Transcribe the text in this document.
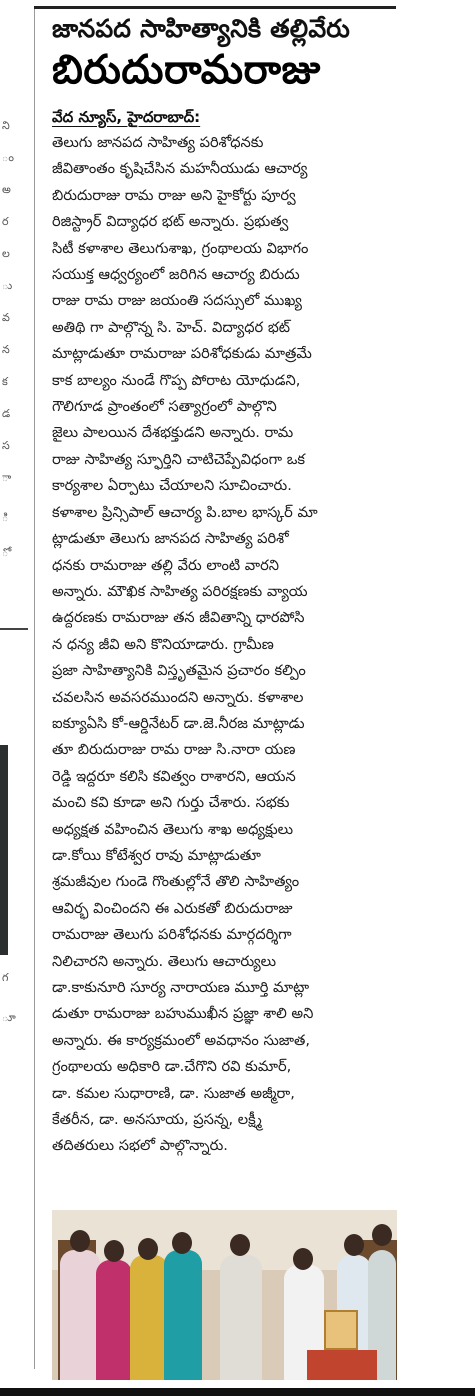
ని
ం
అ
ర
ల
ు
వ
న
క
డ
స
ా
ి
ో
గ
ూ
జానపద సాహిత్యానికి తల్లివేరు
బిరుదురామరాజు
వేద న్యూస్‌, హైదరాబాద్‌:
తెలుగు జానపద సాహిత్య పరిశోధనకు
జీవితాంతం కృషిచేసిన మహనీయుడు ఆచార్య
బిరుదురాజు రామ రాజు అని హైకోర్టు పూర్వ
రిజిస్ట్రార్ విద్యాధర భట్ అన్నారు. ప్రభుత్వ
సిటీ కళాశాల తెలుగుశాఖ, గ్రంథాలయ విభాగం
సయుక్త ఆధ్వర్యంలో జరిగిన ఆచార్య బిరుదు
రాజు రామ రాజు జయంతి సదస్సులో ముఖ్య
అతిథి గా పాల్గొన్న సి. హెచ్. విద్యాధర భట్
మాట్లాడుతూ రామరాజు పరిశోధకుడు మాత్రమే
కాక బాల్యం నుండే గొప్ప పోరాట యోధుడని,
గౌలిగూడ ప్రాంతంలో సత్యాగ్రంలో పాల్గొని
జైలు పాలయిన దేశభక్తుడని అన్నారు. రామ
రాజు సాహిత్య స్ఫూర్తిని చాటిచెప్పేవిధంగా ఒక
కార్యశాల ఏర్పాటు చేయాలని సూచించారు.
కళాశాల ప్రిన్సిపాల్ ఆచార్య పి.బాల భాస్కర్ మా
ట్లాడుతూ తెలుగు జానపద సాహిత్య పరిశో
ధనకు రామరాజు తల్లి వేరు లాంటి వారని
అన్నారు. మౌఖిక సాహిత్య పరిరక్షణకు వ్యాయ
ఉద్దరణకు రామరాజు తన జీవితాన్ని ధారపోసి
న ధన్య జీవి అని కొనియాడారు. గ్రామీణ
ప్రజా సాహిత్యానికి విస్తృతమైన ప్రచారం కల్పిం
చవలసిన అవసరముందని అన్నారు. కళాశాల
ఐక్యూఏసి కో-ఆర్డినేటర్ డా.జె.నీరజ మాట్లాడు
తూ బిరుదురాజు రామ రాజు సి.నారా యణ
రెడ్డి ఇద్దరూ కలిసి కవిత్వం రాశారని, ఆయన
మంచి కవి కూడా అని గుర్తు చేశారు. సభకు
అధ్యక్షత వహించిన తెలుగు శాఖ అధ్యక్షులు
డా.కోయి కోటేశ్వర రావు మాట్లాడుతూ
శ్రమజీవుల గుండె గొంతుల్లోనే తొలి సాహిత్యం
ఆవిర్భ వించిందని ఈ ఎరుకతో బిరుదురాజు
రామరాజు తెలుగు పరిశోధనకు మార్గదర్శిగా
నిలిచారని అన్నారు. తెలుగు ఆచార్యులు
డా.కాకునూరి సూర్య నారాయణ మూర్తి మాట్లా
డుతూ రామరాజు బహుముఖీన ప్రజ్ఞా శాలి అని
అన్నారు. ఈ కార్యక్రమంలో అవధానం సుజాత,
గ్రంథాలయ అధికారి డా.చేగొని రవి కుమార్,
డా. కమల సుధారాణి, డా. సుజాత అజ్మీరా,
కేతరీన, డా. అనసూయ, ప్రసన్న, లక్ష్మీ
తదితరులు సభలో పాల్గొన్నారు.
